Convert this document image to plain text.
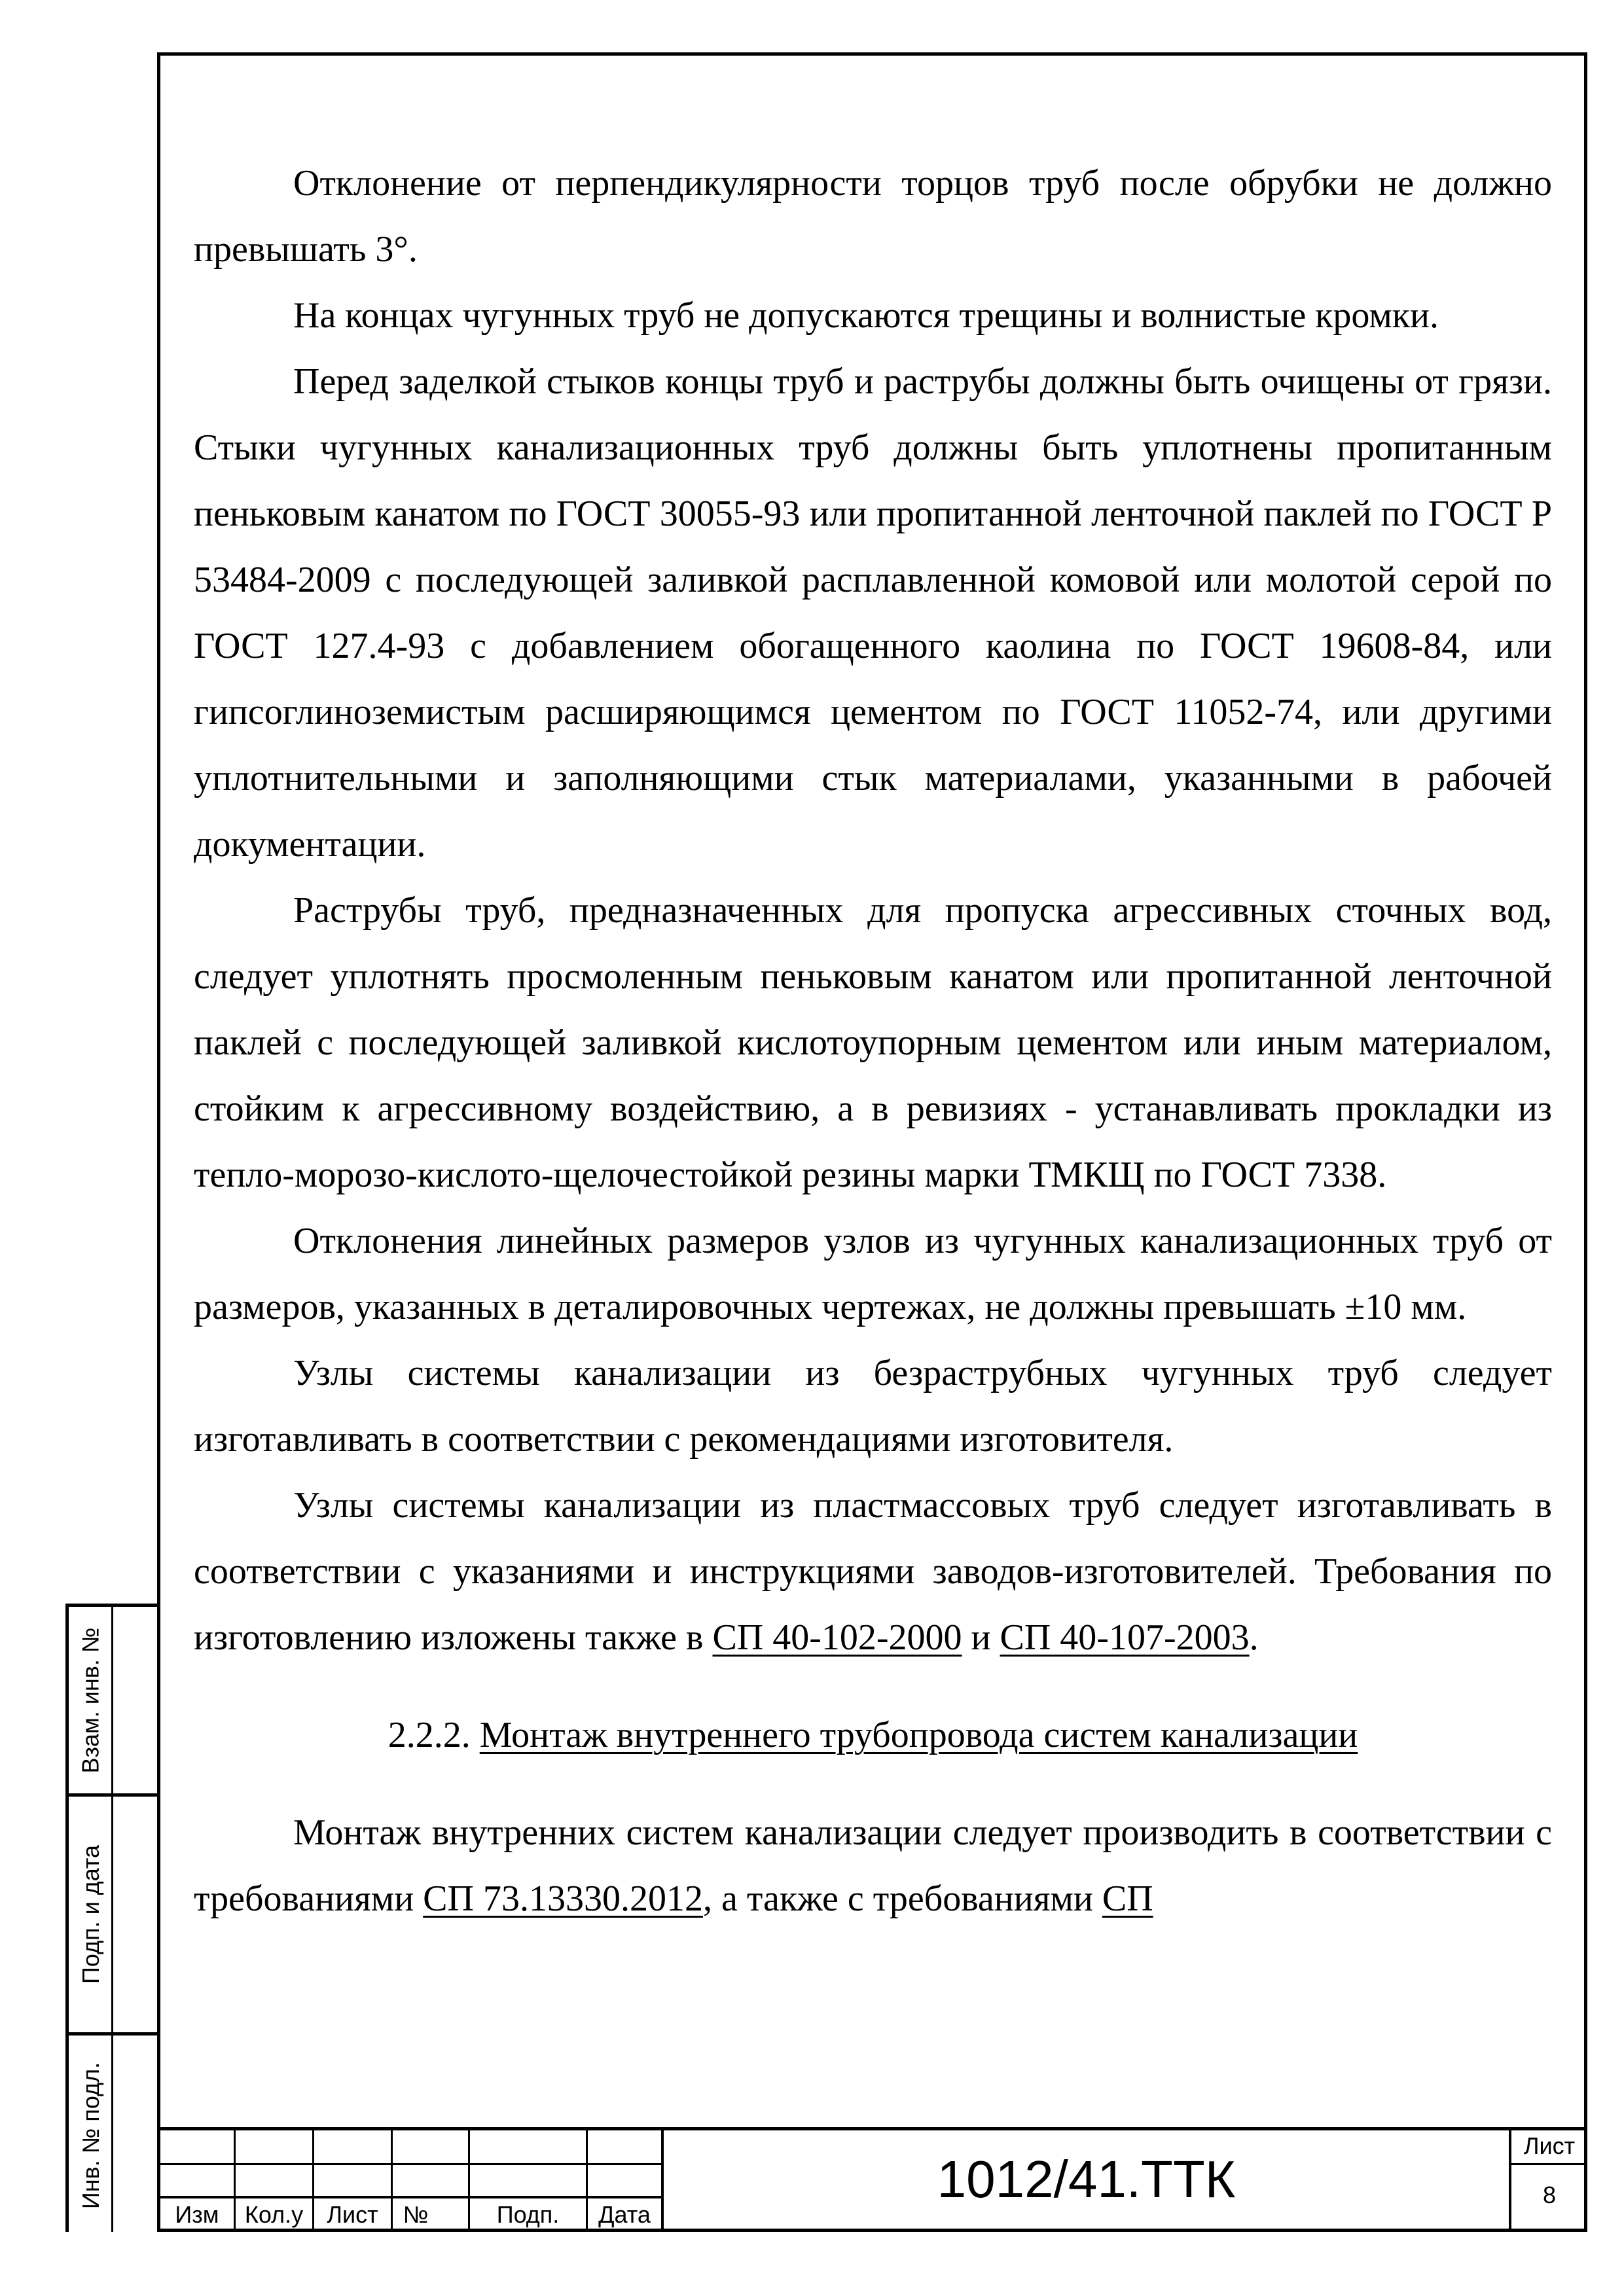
Отклонение от перпендикулярности торцов труб после обрубки не должно превышать 3°.

На концах чугунных труб не допускаются трещины и волнистые кромки.

Перед заделкой стыков концы труб и раструбы должны быть очищены от грязи. Стыки чугунных канализационных труб должны быть уплотнены пропитанным пеньковым канатом по ГОСТ 30055-93 или пропитанной ленточной паклей по ГОСТ Р 53484-2009 с последующей заливкой расплавленной комовой или молотой серой по ГОСТ 127.4-93 с добавлением обогащенного каолина по ГОСТ 19608-84, или гипсоглиноземистым расширяющимся цементом по ГОСТ 11052-74, или другими уплотнительными и заполняющими стык материалами, указанными в рабочей документации.

Раструбы труб, предназначенных для пропуска агрессивных сточных вод, следует уплотнять просмоленным пеньковым канатом или пропитанной ленточной паклей с последующей заливкой кислотоупорным цементом или иным материалом, стойким к агрессивному воздействию, а в ревизиях - устанавливать прокладки из тепло-морозо-кислото-щелочестойкой резины марки ТМКЩ по ГОСТ 7338.

Отклонения линейных размеров узлов из чугунных канализационных труб от размеров, указанных в деталировочных чертежах, не должны превышать ±10 мм.

Узлы системы канализации из безраструбных чугунных труб следует изготавливать в соответствии с рекомендациями изготовителя.

Узлы системы канализации из пластмассовых труб следует изготавливать в соответствии с указаниями и инструкциями заводов-изготовителей. Требования по изготовлению изложены также в СП 40-102-2000 и СП 40-107-2003.

2.2.2. Монтаж внутреннего трубопровода систем канализации

Монтаж внутренних систем канализации следует производить в соответствии с требованиями СП 73.13330.2012, а также с требованиями СП

Взам. инв. №
Подп. и дата
Инв. № подл.
Изм	Кол.у	Лист	№	Подп.	Дата
1012/41.ТТК
Лист
8
